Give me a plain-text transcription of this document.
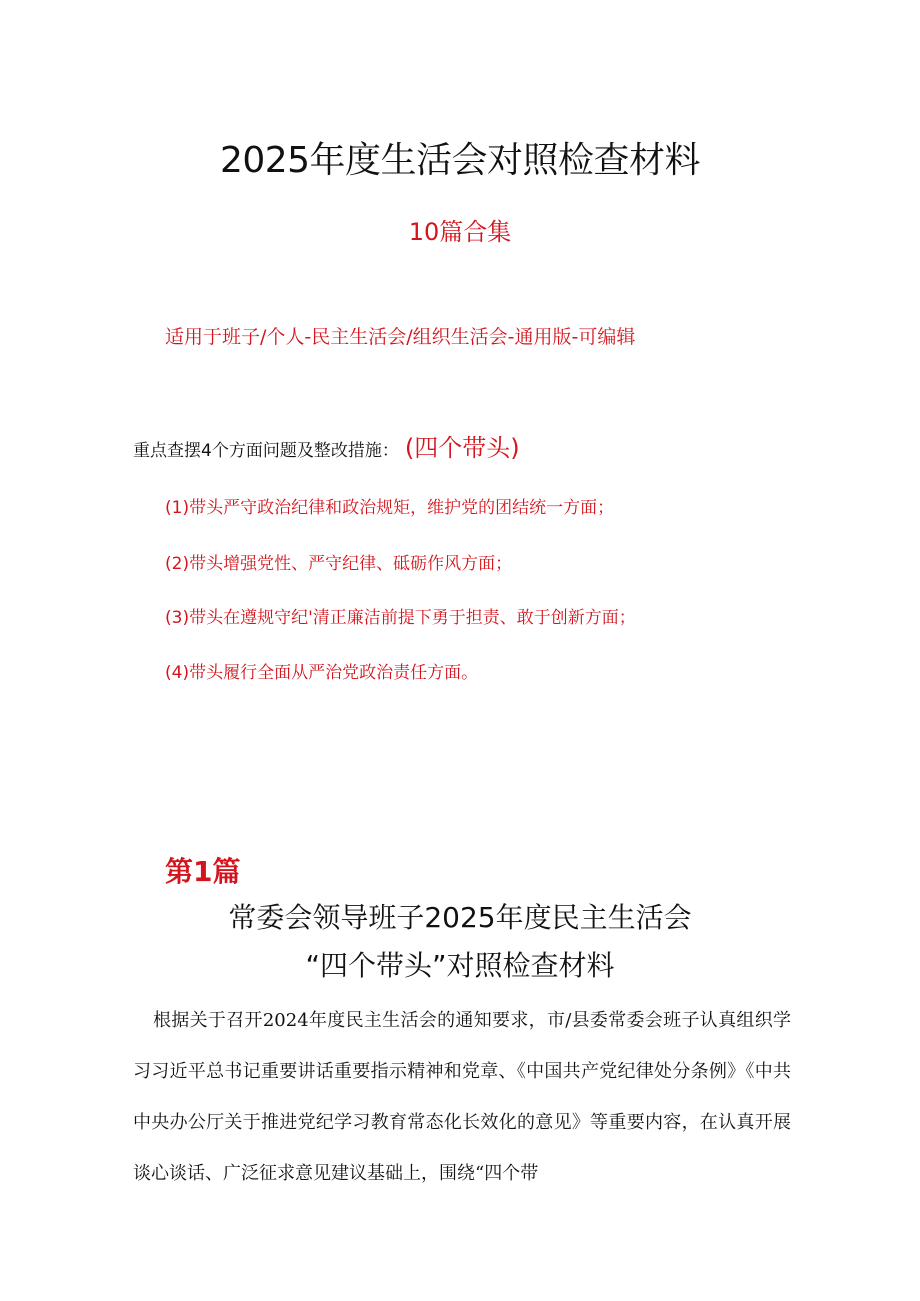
2025年度生活会对照检查材料
10篇合集
适用于班子/个人-民主生活会/组织生活会-通用版-可编辑
重点查摆4个方面问题及整改措施： (四个带头)
(1)带头严守政治纪律和政治规矩，维护党的团结统一方面；
(2)带头增强党性、严守纪律、砥砺作风方面；
(3)带头在遵规守纪'清正廉洁前提下勇于担责、敢于创新方面；
(4)带头履行全面从严治党政治责任方面。
第1篇
常委会领导班子2025年度民主生活会
“四个带头”对照检查材料
根据关于召开2024年度民主生活会的通知要求，市/县委常委会班子认真组织学习习近平总书记重要讲话重要指示精神和党章、《中国共产党纪律处分条例》《中共中央办公厅关于推进党纪学习教育常态化长效化的意见》等重要内容，在认真开展谈心谈话、广泛征求意见建议基础上，围绕“四个带
